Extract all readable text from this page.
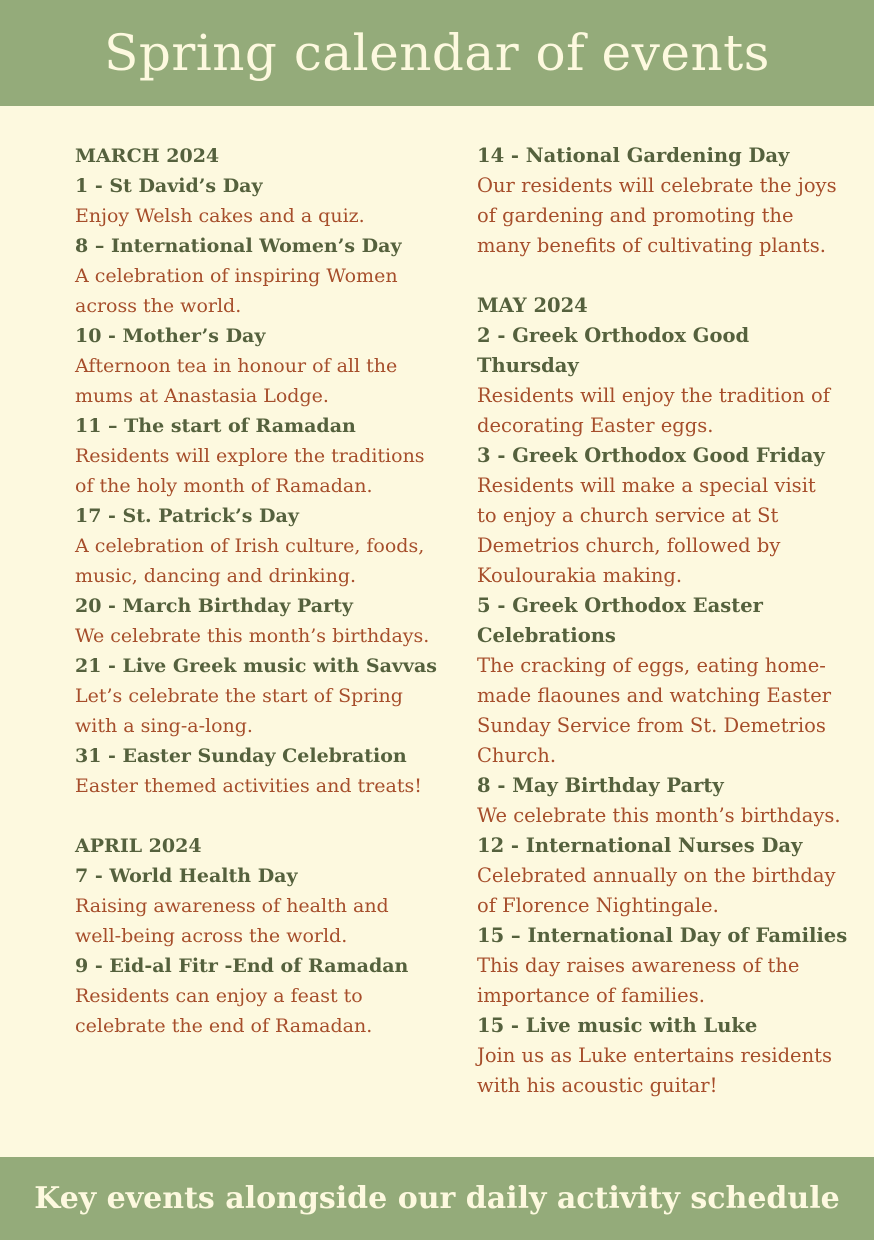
Spring calendar of events
MARCH 2024
1 - St David’s Day
Enjoy Welsh cakes and a quiz.
8 – International Women’s Day
A celebration of inspiring Women
across the world.
10 - Mother’s Day
Afternoon tea in honour of all the
mums at Anastasia Lodge.
11 – The start of Ramadan
Residents will explore the traditions
of the holy month of Ramadan.
17 - St. Patrick’s Day
A celebration of Irish culture, foods,
music, dancing and drinking.
20 - March Birthday Party
We celebrate this month’s birthdays.
21 - Live Greek music with Savvas
Let’s celebrate the start of Spring
with a sing-a-long.
31 - Easter Sunday Celebration
Easter themed activities and treats!
APRIL 2024
7 - World Health Day
Raising awareness of health and
well-being across the world.
9 - Eid-al Fitr -End of Ramadan
Residents can enjoy a feast to
celebrate the end of Ramadan.
14 - National Gardening Day
Our residents will celebrate the joys
of gardening and promoting the
many benefits of cultivating plants.
MAY 2024
2 - Greek Orthodox Good
Thursday
Residents will enjoy the tradition of
decorating Easter eggs.
3 - Greek Orthodox Good Friday
Residents will make a special visit
to enjoy a church service at St
Demetrios church, followed by
Koulourakia making.
5 - Greek Orthodox Easter
Celebrations
The cracking of eggs, eating home-
made flaounes and watching Easter
Sunday Service from St. Demetrios
Church.
8 - May Birthday Party
We celebrate this month’s birthdays.
12 - International Nurses Day
Celebrated annually on the birthday
of Florence Nightingale.
15 – International Day of Families
This day raises awareness of the
importance of families.
15 - Live music with Luke
Join us as Luke entertains residents
with his acoustic guitar!

Key events alongside our daily activity schedule
